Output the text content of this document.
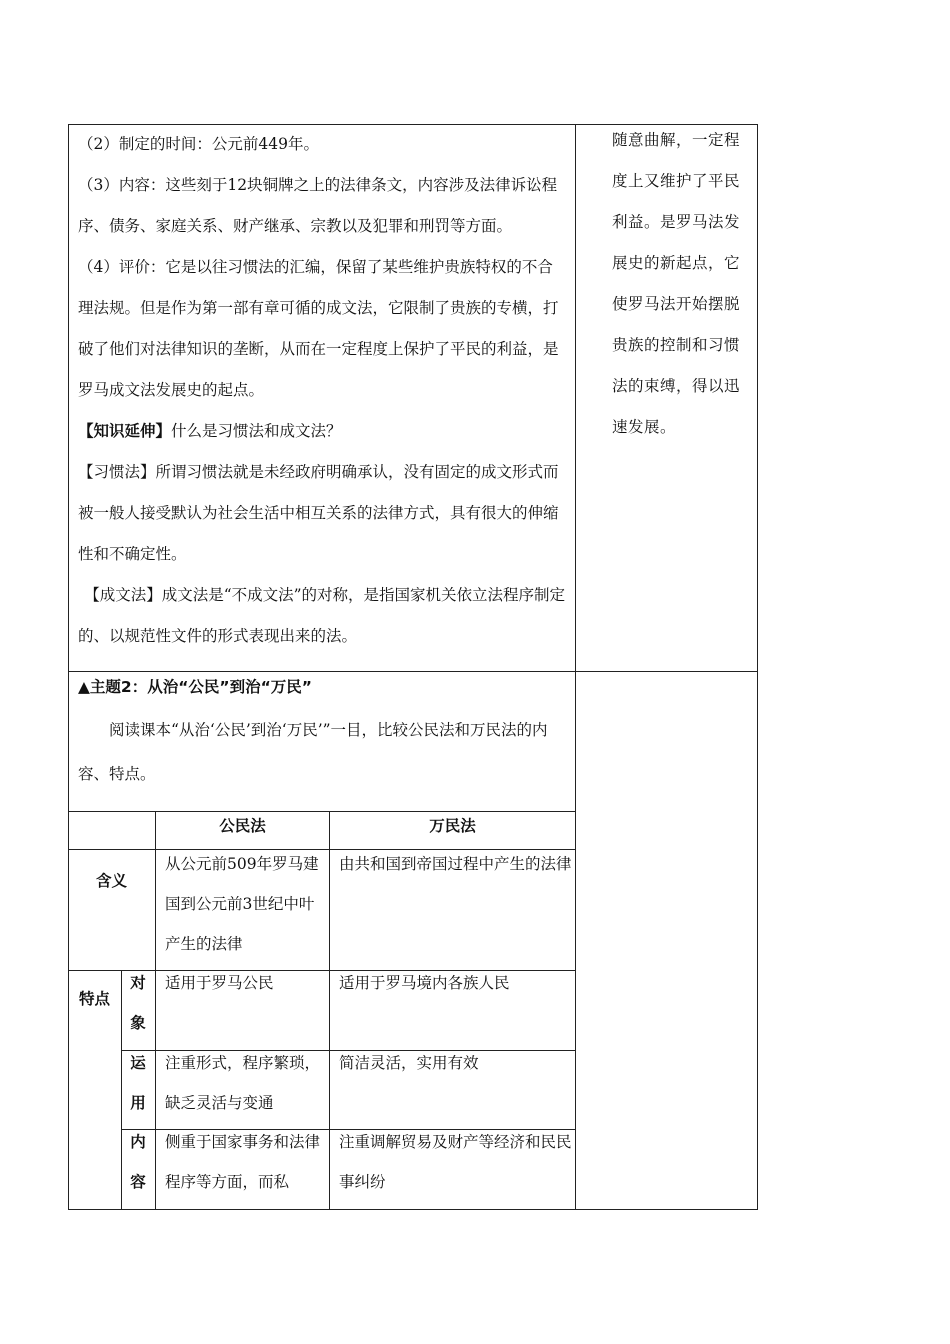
（2）制定的时间：公元前449年。

（3）内容：这些刻于12块铜牌之上的法律条文，内容涉及法律诉讼程序、债务、家庭关系、财产继承、宗教以及犯罪和刑罚等方面。

（4）评价：它是以往习惯法的汇编，保留了某些维护贵族特权的不合理法规。但是作为第一部有章可循的成文法，它限制了贵族的专横，打破了他们对法律知识的垄断，从而在一定程度上保护了平民的利益，是罗马成文法发展史的起点。

【知识延伸】什么是习惯法和成文法？

【习惯法】所谓习惯法就是未经政府明确承认，没有固定的成文形式而被一般人接受默认为社会生活中相互关系的法律方式，具有很大的伸缩性和不确定性。

【成文法】成文法是“不成文法”的对称，是指国家机关依立法程序制定的、以规范性文件的形式表现出来的法。

随意曲解，一定程度上又维护了平民利益。是罗马法发展史的新起点，它使罗马法开始摆脱贵族的控制和习惯法的束缚，得以迅速发展。

▲主题2：从治“公民”到治“万民”

阅读课本“从治‘公民’到治‘万民’”一目，比较公民法和万民法的内容、特点。

公民法	万民法
含义
从公元前509年罗马建国到公元前3世纪中叶产生的法律
由共和国到帝国过程中产生的法律
特点
对
象
适用于罗马公民	适用于罗马境内各族人民
运
用
注重形式，程序繁琐，缺乏灵活与变通
简洁灵活，实用有效
内
容
侧重于国家事务和法律程序等方面，而私
注重调解贸易及财产等经济和民民事纠纷
